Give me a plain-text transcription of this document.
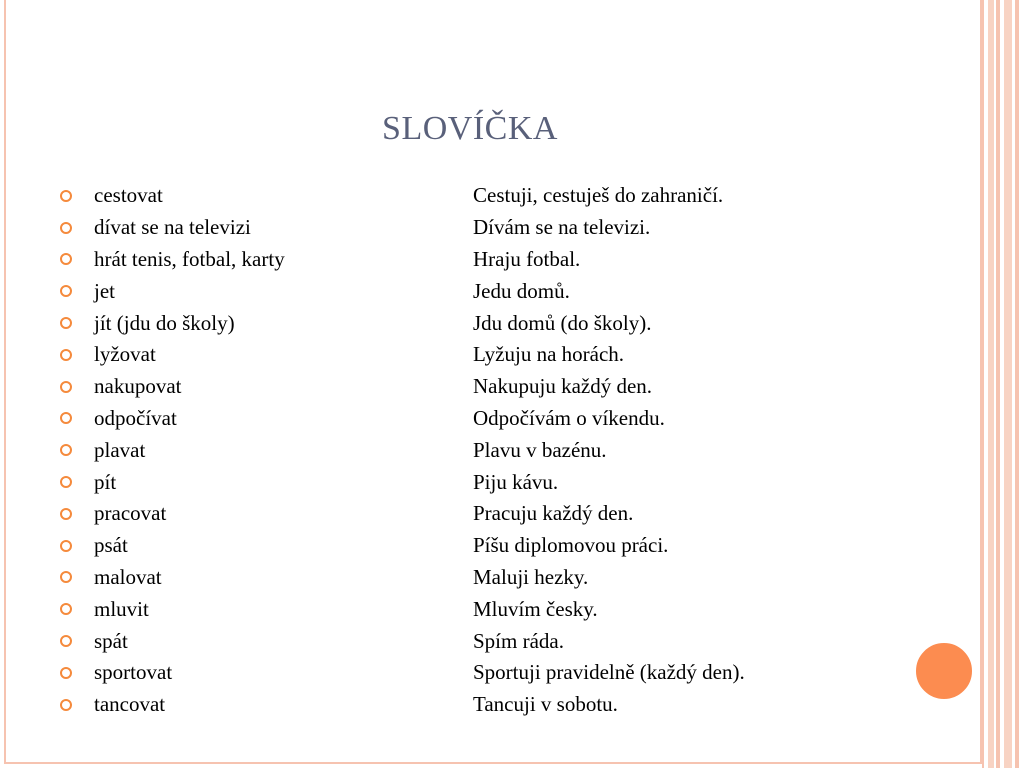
SLOVÍČKA
cestovat	Cestuji, cestuješ do zahraničí.
dívat se na televizi	Dívám se na televizi.
hrát tenis, fotbal, karty	Hraju fotbal.
jet	Jedu domů.
jít (jdu do školy)	Jdu domů (do školy).
lyžovat	Lyžuju na horách.
nakupovat	Nakupuju každý den.
odpočívat	Odpočívám o víkendu.
plavat	Plavu v bazénu.
pít	Piju kávu.
pracovat	Pracuju každý den.
psát	Píšu diplomovou práci.
malovat	Maluji hezky.
mluvit	Mluvím česky.
spát	Spím ráda.
sportovat	Sportuji pravidelně (každý den).
tancovat	Tancuji v sobotu.
